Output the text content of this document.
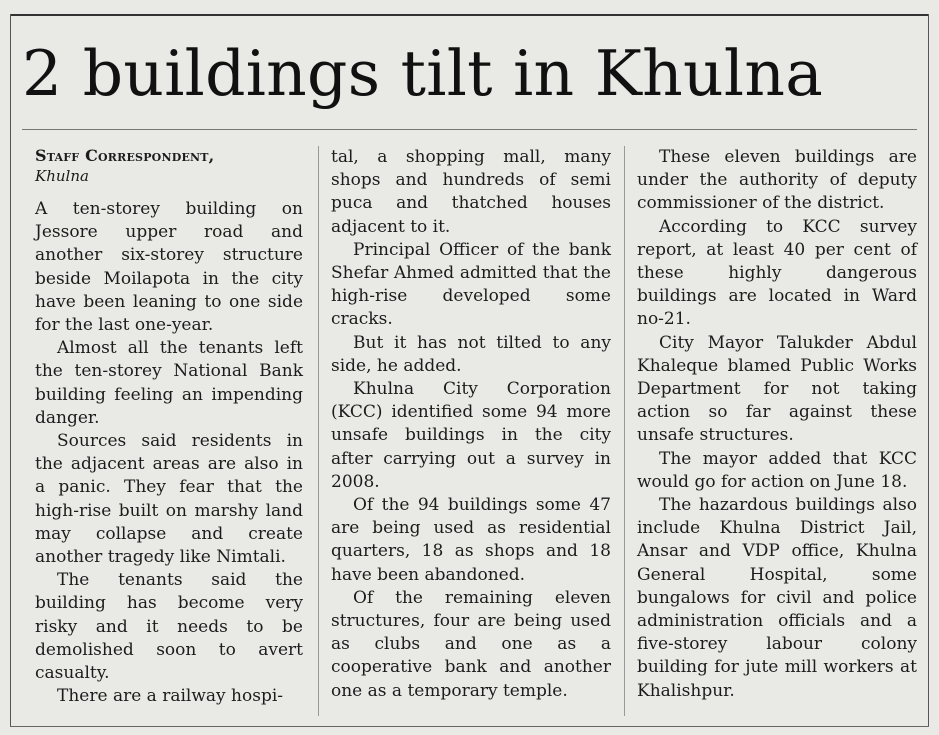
2 buildings tilt in Khulna
Staff Correspondent,
Khulna

A ten-storey building on Jessore upper road and another six-storey structure beside Moilapota in the city have been leaning to one side for the last one-year.

Almost all the tenants left the ten-storey National Bank building feeling an impending danger.

Sources said residents in the adjacent areas are also in a panic. They fear that the high-rise built on marshy land may collapse and create another tragedy like Nimtali.

The tenants said the building has become very risky and it needs to be demolished soon to avert casualty.

There are a railway hospi-

tal, a shopping mall, many shops and hundreds of semi puca and thatched houses adjacent to it.

Principal Officer of the bank Shefar Ahmed admitted that the high-rise developed some cracks.

But it has not tilted to any side, he added.

Khulna City Corporation (KCC) identified some 94 more unsafe buildings in the city after carrying out a survey in 2008.

Of the 94 buildings some 47 are being used as residential quarters, 18 as shops and 18 have been abandoned.

Of the remaining eleven structures, four are being used as clubs and one as a cooperative bank and another one as a temporary temple.

These eleven buildings are under the authority of deputy commissioner of the district.

According to KCC survey report, at least 40 per cent of these highly dangerous buildings are located in Ward no-21.

City Mayor Talukder Abdul Khaleque blamed Public Works Department for not taking action so far against these unsafe structures.

The mayor added that KCC would go for action on June 18.

The hazardous buildings also include Khulna District Jail, Ansar and VDP office, Khulna General Hospital, some bungalows for civil and police administration officials and a five-storey labour colony building for jute mill workers at Khalishpur.
